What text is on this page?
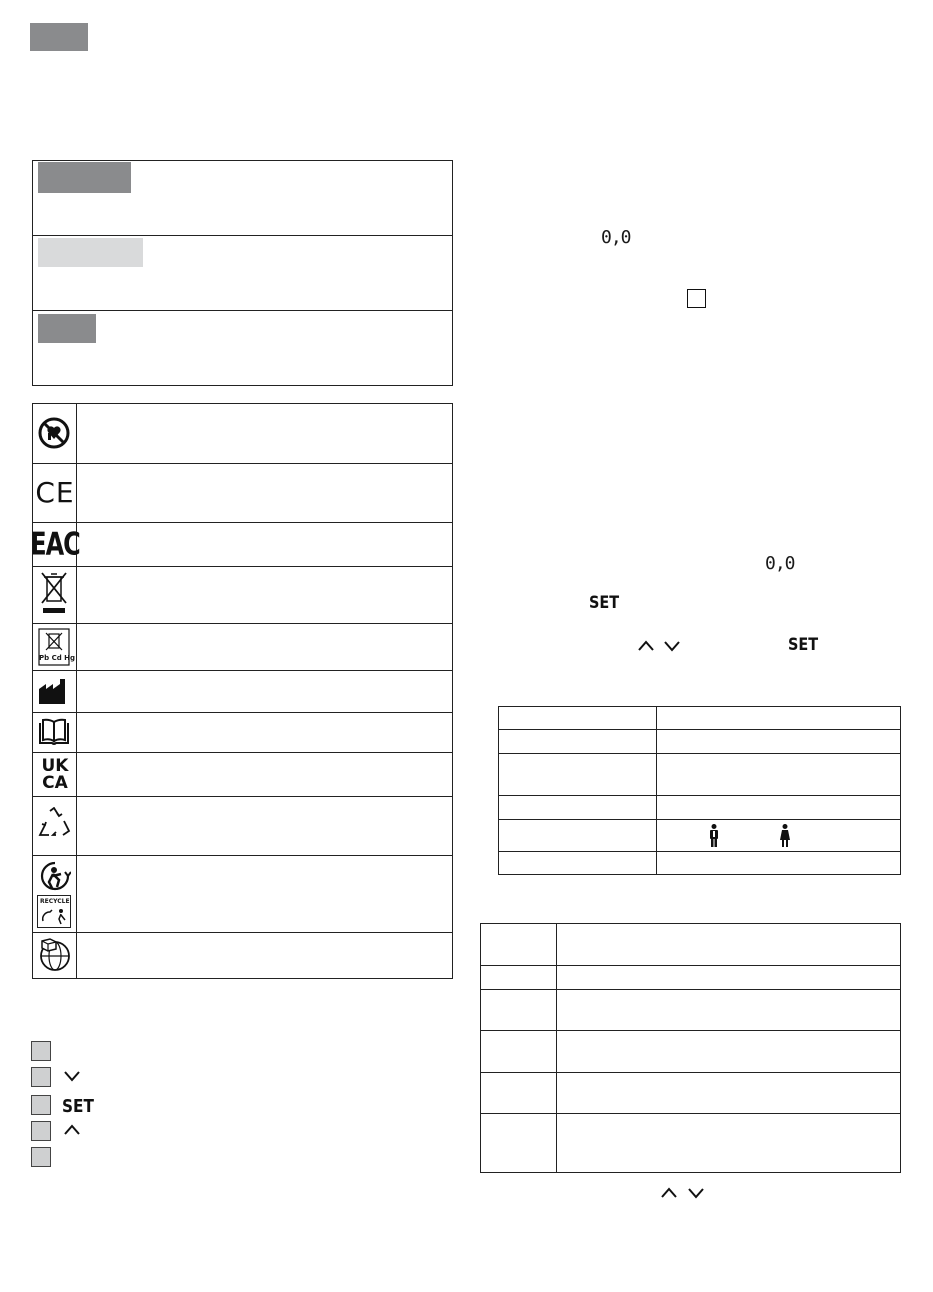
CE
EAC
Pb Cd Hg
UK
CA
RECYCLE
SET
0,0
0,0
SET
SET
